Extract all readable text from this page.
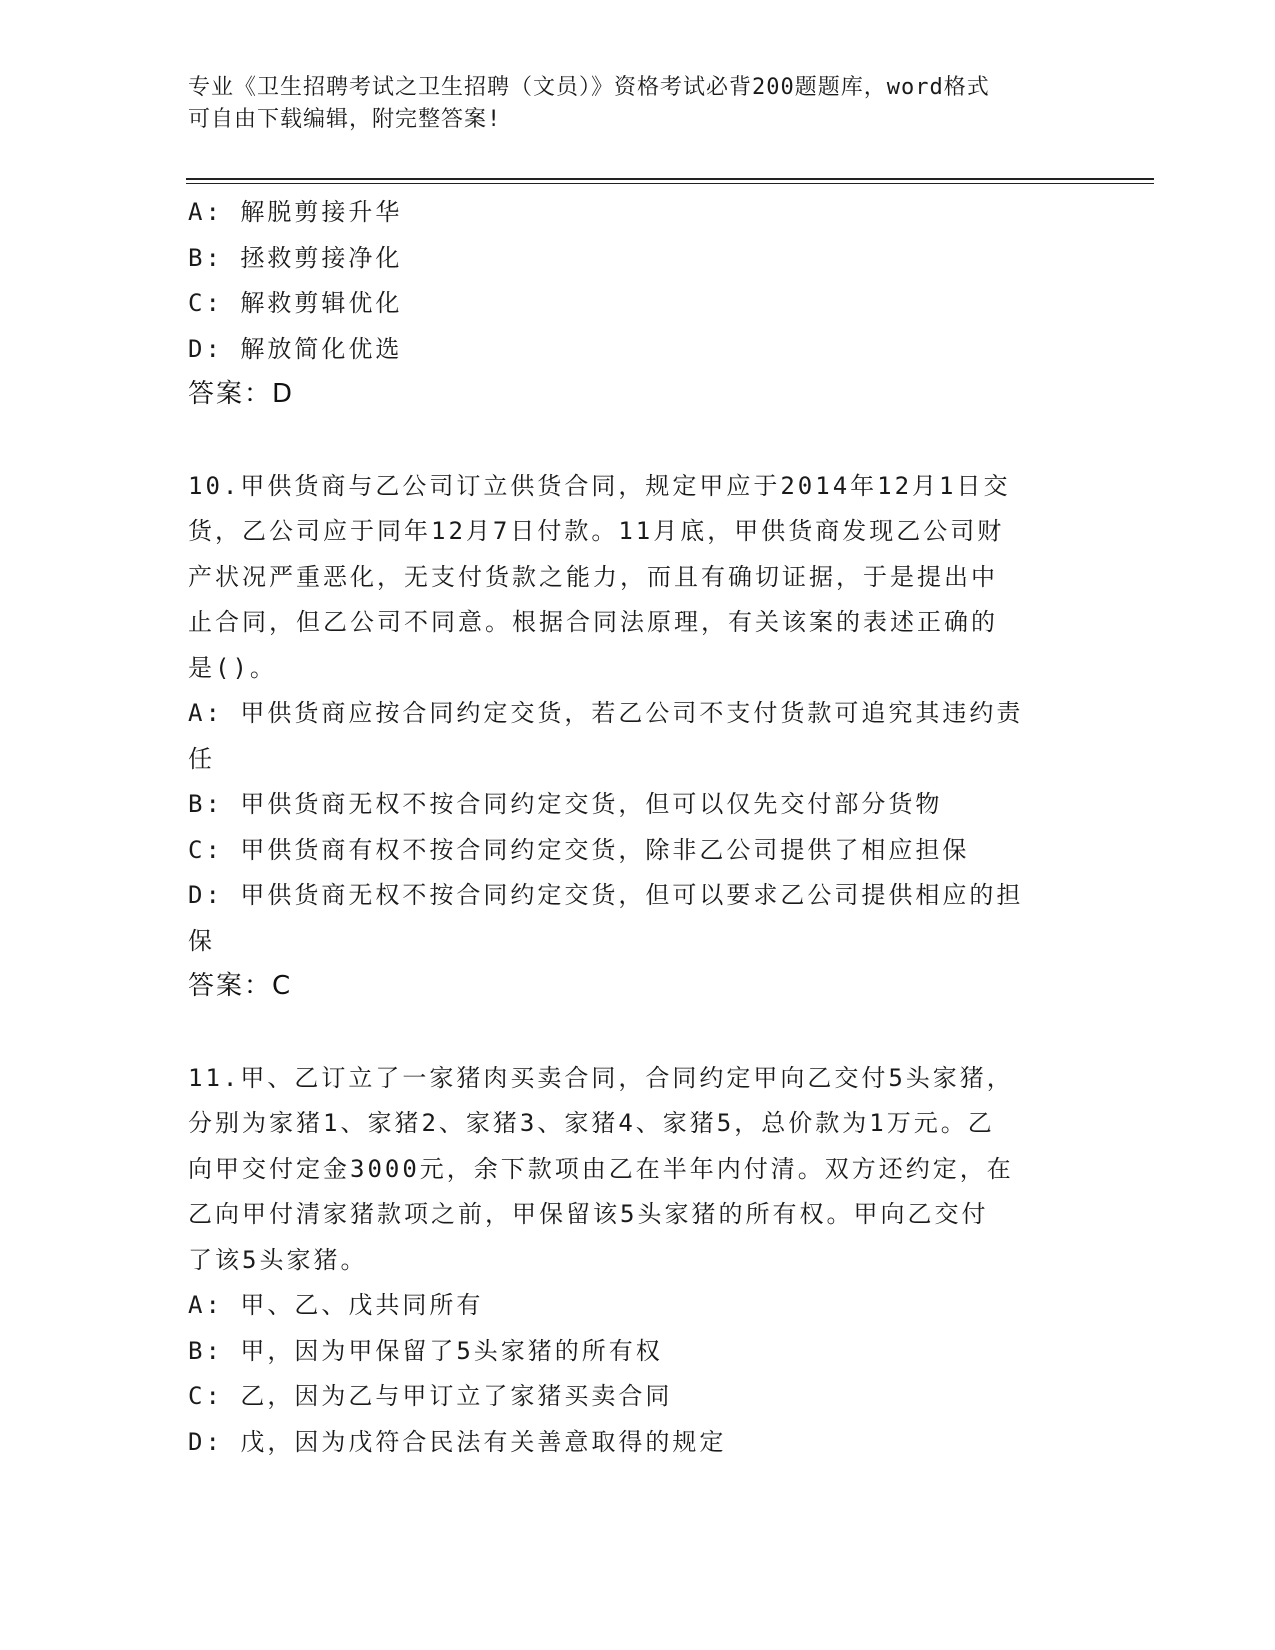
专业《卫生招聘考试之卫生招聘（文员）》资格考试必背200题题库，word格式
可自由下载编辑，附完整答案!
A: 解脱剪接升华
B: 拯救剪接净化
C: 解救剪辑优化
D: 解放简化优选
答案：D
10.甲供货商与乙公司订立供货合同，规定甲应于2014年12月1日交
货，乙公司应于同年12月7日付款。11月底，甲供货商发现乙公司财
产状况严重恶化，无支付货款之能力，而且有确切证据，于是提出中
止合同，但乙公司不同意。根据合同法原理，有关该案的表述正确的
是()。
A: 甲供货商应按合同约定交货，若乙公司不支付货款可追究其违约责
任
B: 甲供货商无权不按合同约定交货，但可以仅先交付部分货物
C: 甲供货商有权不按合同约定交货，除非乙公司提供了相应担保
D: 甲供货商无权不按合同约定交货，但可以要求乙公司提供相应的担
保
答案：C
11.甲、乙订立了一家猪肉买卖合同，合同约定甲向乙交付5头家猪，
分别为家猪1、家猪2、家猪3、家猪4、家猪5，总价款为1万元。乙
向甲交付定金3000元，余下款项由乙在半年内付清。双方还约定，在
乙向甲付清家猪款项之前，甲保留该5头家猪的所有权。甲向乙交付
了该5头家猪。
A: 甲、乙、戊共同所有
B: 甲，因为甲保留了5头家猪的所有权
C: 乙，因为乙与甲订立了家猪买卖合同
D: 戊，因为戊符合民法有关善意取得的规定
